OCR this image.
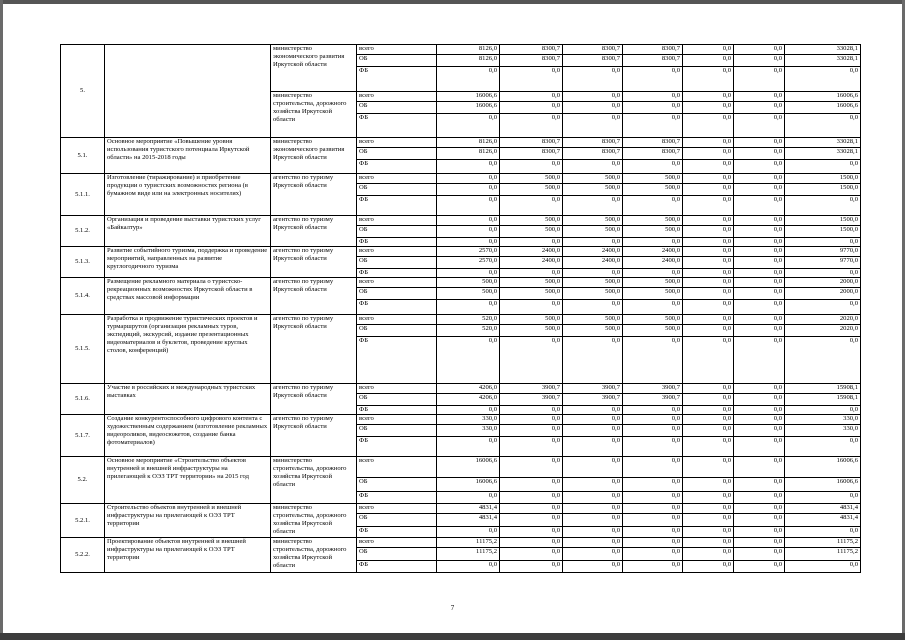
5.		министерство экономического развития Иркутской области	всего	8126,0	8300,7	8300,7	8300,7	0,0	0,0	33028,1
			ОБ	8126,0	8300,7	8300,7	8300,7	0,0	0,0	33028,1
			ФБ	0,0	0,0	0,0	0,0	0,0	0,0	0,0
		министерство строительства, дорожного хозяйства Иркутской области	всего	16006,6	0,0	0,0	0,0	0,0	0,0	16006,6
			ОБ	16006,6	0,0	0,0	0,0	0,0	0,0	16006,6
			ФБ	0,0	0,0	0,0	0,0	0,0	0,0	0,0
5.1.	Основное мероприятие «Повышение уровня использования туристского потенциала Иркутской области» на 2015-2018 годы	министерство экономического развития Иркутской области	всего	8126,0	8300,7	8300,7	8300,7	0,0	0,0	33028,1
			ОБ	8126,0	8300,7	8300,7	8300,7	0,0	0,0	33028,1
			ФБ	0,0	0,0	0,0	0,0	0,0	0,0	0,0
5.1.1.	Изготовление (тиражирование) и приобретение продукции о туристских возможностях региона (в бумажном виде или на электронных носителях)	агентство по туризму Иркутской области	всего	0,0	500,0	500,0	500,0	0,0	0,0	1500,0
			ОБ	0,0	500,0	500,0	500,0	0,0	0,0	1500,0
			ФБ	0,0	0,0	0,0	0,0	0,0	0,0	0,0
5.1.2.	Организация и проведение выставки туристских услуг «Байкалтур»	агентство по туризму Иркутской области	всего	0,0	500,0	500,0	500,0	0,0	0,0	1500,0
			ОБ	0,0	500,0	500,0	500,0	0,0	0,0	1500,0
			ФБ	0,0	0,0	0,0	0,0	0,0	0,0	0,0
5.1.3.	Развитие событийного туризма, поддержка и проведение мероприятий, направленных на развитие круглогодичного туризма	агентство по туризму Иркутской области	всего	2570,0	2400,0	2400,0	2400,0	0,0	0,0	9770,0
			ОБ	2570,0	2400,0	2400,0	2400,0	0,0	0,0	9770,0
			ФБ	0,0	0,0	0,0	0,0	0,0	0,0	0,0
5.1.4.	Размещение рекламного материала о туристско-рекреационных возможностях Иркутской области в средствах массовой информации	агентство по туризму Иркутской области	всего	500,0	500,0	500,0	500,0	0,0	0,0	2000,0
			ОБ	500,0	500,0	500,0	500,0	0,0	0,0	2000,0
			ФБ	0,0	0,0	0,0	0,0	0,0	0,0	0,0
5.1.5.	Разработка и продвижение туристических проектов и турмаршрутов (организация рекламных туров, экспедиций, экскурсий, издание презентационных видеоматериалов и буклетов, проведение круглых столов, конференций)	агентство по туризму Иркутской области	всего	520,0	500,0	500,0	500,0	0,0	0,0	2020,0
			ОБ	520,0	500,0	500,0	500,0	0,0	0,0	2020,0
			ФБ	0,0	0,0	0,0	0,0	0,0	0,0	0,0
5.1.6.	Участие в российских и международных туристских выставках	агентство по туризму Иркутской области	всего	4206,0	3900,7	3900,7	3900,7	0,0	0,0	15908,1
			ОБ	4206,0	3900,7	3900,7	3900,7	0,0	0,0	15908,1
			ФБ	0,0	0,0	0,0	0,0	0,0	0,0	0,0
5.1.7.	Создание конкурентоспособного цифрового контента с художественным содержанием (изготовление рекламных видеороликов, видеосюжетов, создание банка фотоматериалов)	агентство по туризму Иркутской области	всего	330,0	0,0	0,0	0,0	0,0	0,0	330,0
			ОБ	330,0	0,0	0,0	0,0	0,0	0,0	330,0
			ФБ	0,0	0,0	0,0	0,0	0,0	0,0	0,0
5.2.	Основное мероприятие «Строительство объектов внутренней и внешней инфраструктуры на прилегающей к ОЭЗ ТРТ территории» на 2015 год	министерство строительства, дорожного хозяйства Иркутской области	всего	16006,6	0,0	0,0	0,0	0,0	0,0	16006,6
			ОБ	16006,6	0,0	0,0	0,0	0,0	0,0	16006,6
			ФБ	0,0	0,0	0,0	0,0	0,0	0,0	0,0
5.2.1.	Строительство объектов внутренней и внешней инфраструктуры на прилегающей к ОЭЗ ТРТ территории	министерство строительства, дорожного хозяйства Иркутской области	всего	4831,4	0,0	0,0	0,0	0,0	0,0	4831,4
			ОБ	4831,4	0,0	0,0	0,0	0,0	0,0	4831,4
			ФБ	0,0	0,0	0,0	0,0	0,0	0,0	0,0
5.2.2.	Проектирование объектов внутренней и внешней инфраструктуры на прилегающей к ОЭЗ ТРТ территории	министерство строительства, дорожного хозяйства Иркутской области	всего	11175,2	0,0	0,0	0,0	0,0	0,0	11175,2
			ОБ	11175,2	0,0	0,0	0,0	0,0	0,0	11175,2
			ФБ	0,0	0,0	0,0	0,0	0,0	0,0	0,0
7
